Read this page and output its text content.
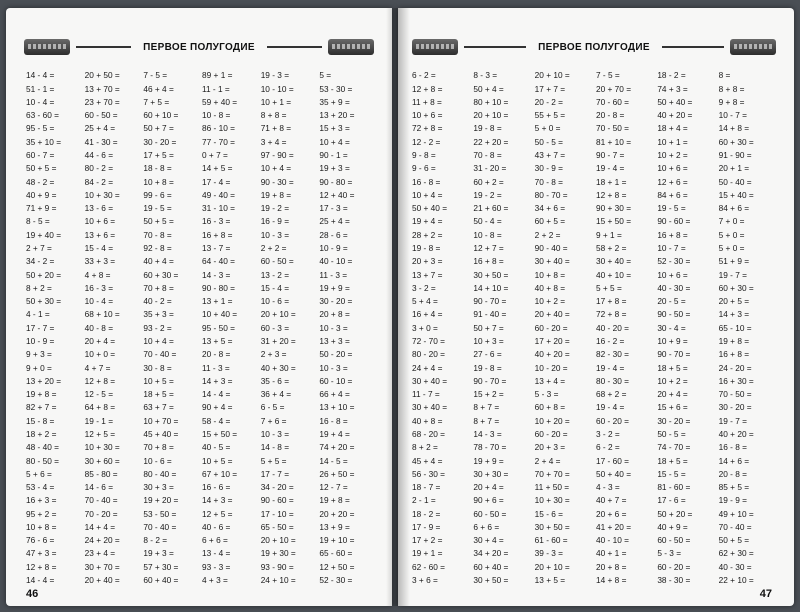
ПЕРВОЕ ПОЛУГОДИЕ
14 - 4 =
51 - 1 =
10 - 4 =
63 - 60 =
95 - 5 =
35 + 10 =
60 - 7 =
50 + 5 =
48 - 2 =
40 + 9 =
71 + 9 =
8 - 5 =
19 + 40 =
2 + 7 =
34 - 2 =
50 + 20 =
8 + 2 =
50 + 30 =
4 - 1 =
17 - 7 =
10 - 9 =
9 + 3 =
9 + 0 =
13 + 20 =
19 + 8 =
82 + 7 =
15 - 8 =
18 + 2 =
48 - 40 =
80 - 50 =
5 + 6 =
53 - 4 =
16 + 3 =
95 + 2 =
10 + 8 =
76 - 6 =
47 + 3 =
12 + 8 =
14 - 4 =
20 + 50 =
13 + 70 =
23 + 70 =
60 - 50 =
25 + 4 =
41 - 30 =
44 - 6 =
80 - 2 =
84 - 2 =
10 + 30 =
13 - 6 =
10 + 6 =
13 + 6 =
15 - 4 =
33 + 3 =
4 + 8 =
16 - 3 =
10 - 4 =
68 + 10 =
40 - 8 =
20 + 4 =
10 + 0 =
4 + 7 =
12 + 8 =
12 - 5 =
64 + 8 =
19 - 1 =
12 + 5 =
10 + 30 =
30 + 60 =
85 - 80 =
14 - 6 =
70 - 40 =
70 - 20 =
14 + 4 =
24 + 20 =
23 + 4 =
30 + 70 =
20 + 40 =
7 - 5 =
46 + 4 =
7 + 5 =
60 + 10 =
50 + 7 =
30 - 20 =
17 + 5 =
18 - 8 =
10 + 8 =
99 - 6 =
19 - 5 =
50 + 5 =
70 - 8 =
92 - 8 =
40 + 4 =
60 + 30 =
70 + 8 =
40 - 2 =
35 + 3 =
93 - 2 =
10 + 4 =
70 - 40 =
30 - 8 =
10 + 5 =
18 + 5 =
63 + 7 =
10 + 70 =
45 + 40 =
70 + 8 =
10 - 6 =
80 - 40 =
30 + 3 =
19 + 20 =
53 - 50 =
70 - 40 =
8 - 2 =
19 + 3 =
57 + 30 =
60 + 40 =
89 + 1 =
11 - 1 =
59 + 40 =
10 - 8 =
86 - 10 =
77 - 70 =
0 + 7 =
14 + 5 =
17 - 4 =
49 - 40 =
31 - 10 =
16 - 3 =
16 + 8 =
13 - 7 =
64 - 40 =
14 - 3 =
90 - 80 =
13 + 1 =
10 + 40 =
95 - 50 =
13 + 5 =
20 - 8 =
11 - 3 =
14 + 3 =
14 - 4 =
90 + 4 =
58 - 4 =
15 + 50 =
40 - 5 =
10 + 5 =
67 + 10 =
16 - 6 =
14 + 3 =
12 + 5 =
40 - 6 =
6 + 6 =
13 - 4 =
93 - 3 =
4 + 3 =
19 - 3 =
10 - 10 =
10 + 1 =
8 + 8 =
71 + 8 =
3 + 4 =
97 - 90 =
10 + 4 =
90 - 30 =
19 + 8 =
19 - 2 =
16 - 9 =
10 - 3 =
2 + 2 =
60 - 50 =
13 - 2 =
15 - 4 =
10 - 6 =
20 + 10 =
60 - 3 =
31 + 20 =
2 + 3 =
40 + 30 =
35 - 6 =
36 + 4 =
6 - 5 =
7 + 6 =
10 - 3 =
14 - 8 =
5 + 5 =
17 - 7 =
34 - 20 =
90 - 60 =
17 - 10 =
65 - 50 =
20 + 10 =
19 + 30 =
93 - 90 =
24 + 10 =
5 =
53 - 30 =
35 + 9 =
13 + 20 =
15 + 3 =
10 + 4 =
90 - 1 =
19 + 3 =
90 - 80 =
12 + 40 =
17 - 3 =
25 + 4 =
28 - 6 =
10 - 9 =
40 - 10 =
11 - 3 =
19 + 9 =
30 - 20 =
20 + 8 =
10 - 3 =
13 + 3 =
50 - 20 =
10 - 3 =
60 - 10 =
66 + 4 =
13 + 10 =
16 - 8 =
19 + 4 =
74 + 20 =
14 - 5 =
26 + 50 =
12 - 7 =
19 + 8 =
20 + 20 =
13 + 9 =
19 + 10 =
65 - 60 =
12 + 50 =
52 - 30 =
46
ПЕРВОЕ ПОЛУГОДИЕ
6 - 2 =
12 + 8 =
11 + 8 =
10 + 6 =
72 + 8 =
12 - 2 =
9 - 8 =
9 - 6 =
16 - 8 =
10 + 4 =
50 + 40 =
19 + 4 =
28 + 2 =
19 - 8 =
20 + 3 =
13 + 7 =
3 - 2 =
5 + 4 =
16 + 4 =
3 + 0 =
72 - 70 =
80 - 20 =
24 + 4 =
30 + 40 =
11 - 7 =
30 + 40 =
40 + 8 =
68 - 20 =
8 + 2 =
45 + 4 =
56 - 30 =
18 - 7 =
2 - 1 =
18 - 2 =
17 - 9 =
17 + 2 =
19 + 1 =
62 - 60 =
3 + 6 =
8 - 3 =
50 + 4 =
80 + 10 =
20 + 10 =
19 - 8 =
22 + 20 =
70 - 8 =
31 - 20 =
60 + 2 =
19 - 2 =
21 + 60 =
50 - 4 =
10 - 8 =
12 + 7 =
16 + 8 =
30 + 50 =
14 + 10 =
90 - 70 =
91 - 40 =
50 + 7 =
10 + 3 =
27 - 6 =
19 - 8 =
90 - 70 =
15 + 2 =
8 + 7 =
8 + 7 =
14 - 3 =
78 - 70 =
19 + 9 =
30 + 30 =
20 + 4 =
90 + 6 =
60 - 50 =
6 + 6 =
30 + 4 =
34 + 20 =
60 + 40 =
30 + 50 =
20 + 10 =
17 + 7 =
20 - 2 =
55 + 5 =
5 + 0 =
50 - 5 =
43 + 7 =
30 - 9 =
70 - 8 =
80 - 70 =
34 + 6 =
60 + 5 =
2 + 2 =
90 - 40 =
30 + 40 =
10 + 8 =
40 + 8 =
10 + 2 =
20 + 40 =
60 - 20 =
17 + 20 =
40 + 20 =
10 - 20 =
13 + 4 =
5 - 3 =
60 + 8 =
10 + 20 =
60 - 20 =
20 + 3 =
2 + 4 =
70 + 70 =
11 + 50 =
10 + 30 =
15 - 6 =
30 + 50 =
61 - 60 =
39 - 3 =
20 + 10 =
13 + 5 =
7 - 5 =
20 + 70 =
70 - 60 =
20 - 8 =
70 - 50 =
81 + 10 =
90 - 7 =
19 - 4 =
18 + 1 =
12 + 8 =
90 + 30 =
15 + 50 =
9 + 1 =
58 + 2 =
30 + 40 =
40 + 10 =
5 + 5 =
17 + 8 =
72 + 8 =
40 - 20 =
16 - 2 =
82 - 30 =
19 - 4 =
80 - 30 =
68 + 2 =
19 - 4 =
60 - 20 =
3 - 2 =
6 - 2 =
17 - 60 =
50 + 40 =
4 - 3 =
40 + 7 =
20 + 6 =
41 + 20 =
40 - 10 =
40 + 1 =
20 + 8 =
14 + 8 =
18 - 2 =
74 + 3 =
50 + 40 =
40 + 20 =
18 + 4 =
10 + 1 =
10 + 2 =
10 + 6 =
12 + 6 =
84 + 6 =
19 - 5 =
90 - 60 =
16 + 8 =
10 - 7 =
52 - 30 =
10 + 6 =
40 - 30 =
20 - 5 =
90 - 50 =
30 - 4 =
10 + 9 =
90 - 70 =
18 + 5 =
10 + 2 =
20 + 4 =
15 + 6 =
30 - 20 =
50 - 5 =
74 - 70 =
18 + 5 =
15 - 5 =
81 - 60 =
17 - 6 =
50 + 20 =
40 + 9 =
60 - 50 =
5 - 3 =
60 - 20 =
38 - 30 =
8 =
8 + 8 =
9 + 8 =
10 - 7 =
14 + 8 =
60 + 30 =
91 - 90 =
20 + 1 =
50 - 40 =
15 + 40 =
84 + 6 =
7 + 0 =
5 + 0 =
5 + 0 =
51 + 9 =
19 - 7 =
60 + 30 =
20 + 5 =
14 + 3 =
65 - 10 =
19 + 8 =
16 + 8 =
24 - 20 =
16 + 30 =
70 - 50 =
30 - 20 =
19 - 7 =
40 + 20 =
16 - 8 =
14 + 6 =
20 - 8 =
85 + 5 =
19 - 9 =
49 + 10 =
70 - 40 =
50 + 5 =
62 + 30 =
40 - 30 =
22 + 10 =
47
